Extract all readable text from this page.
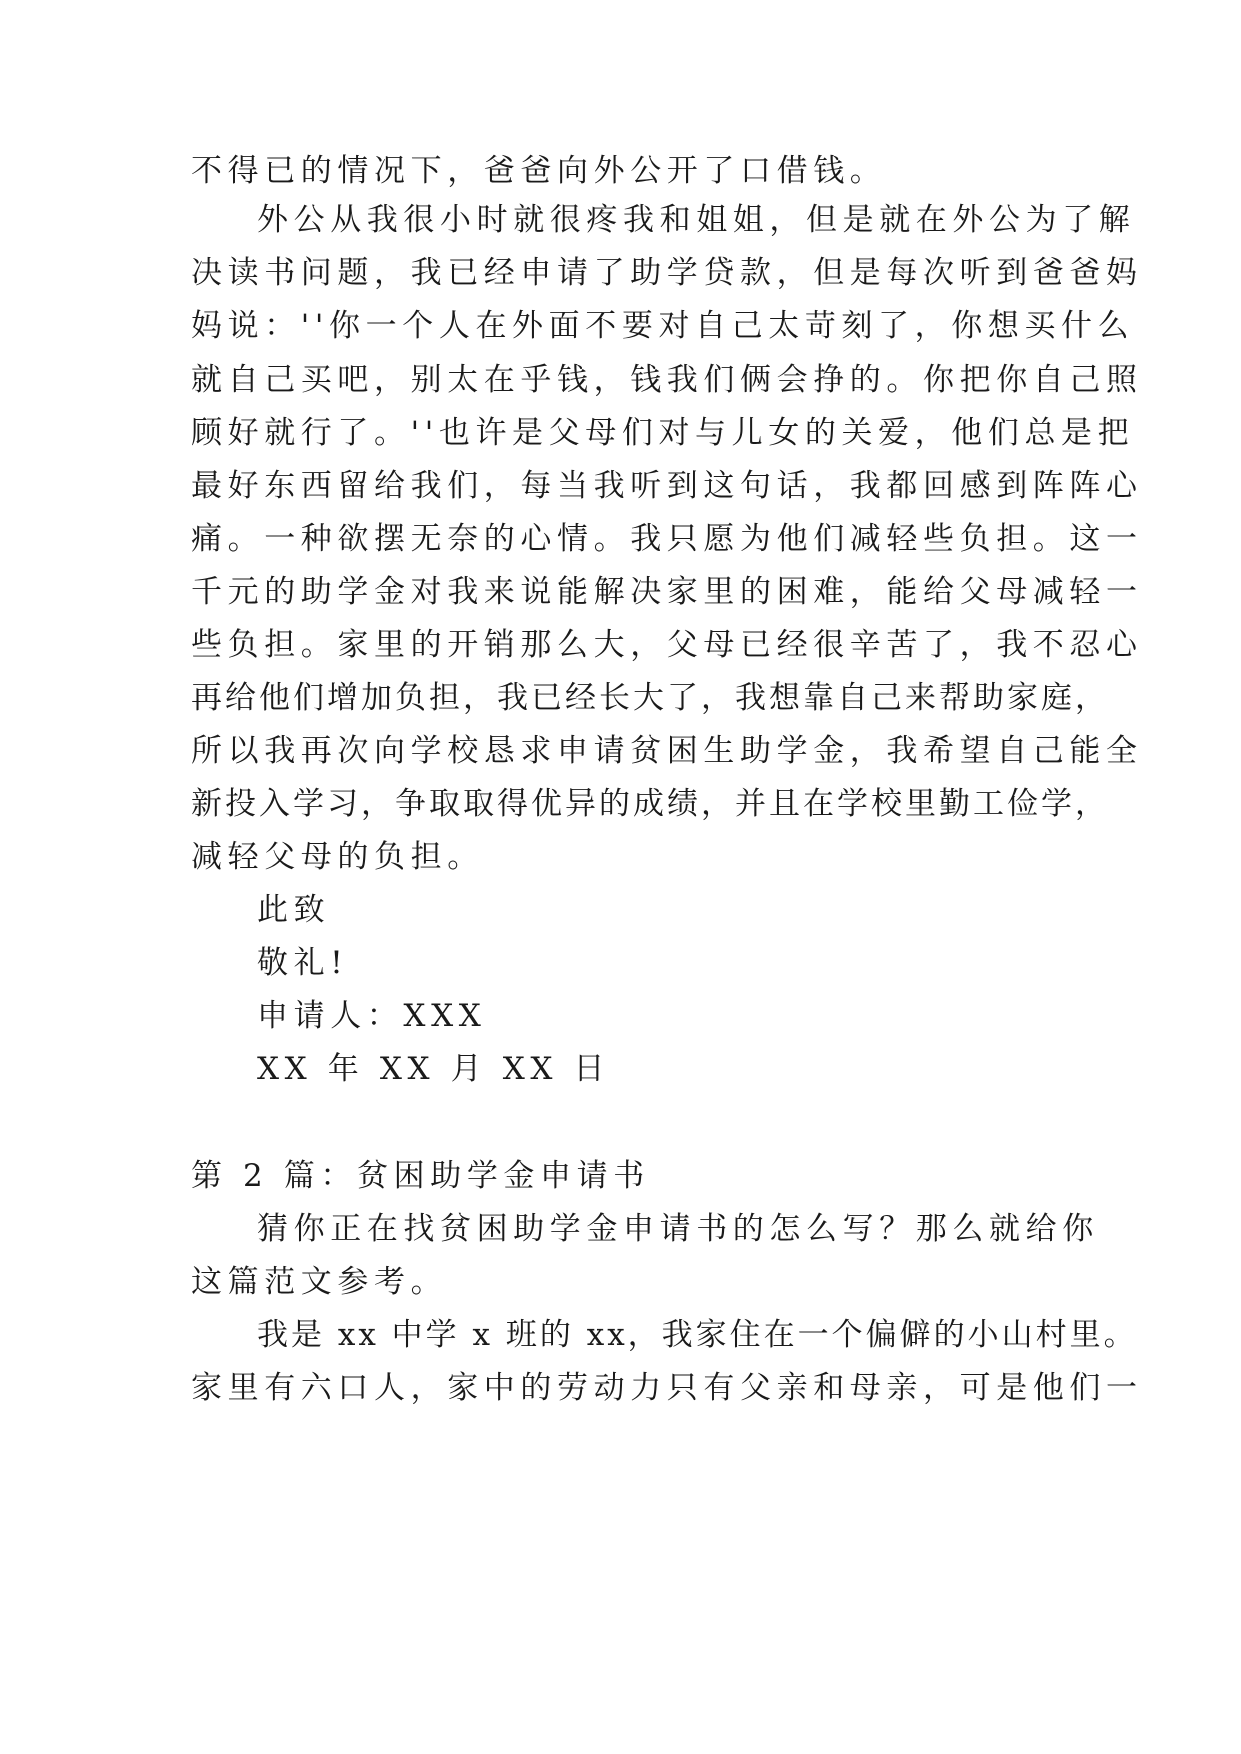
不得已的情况下，爸爸向外公开了口借钱。

外公从我很小时就很疼我和姐姐，但是就在外公为了解

决读书问题，我已经申请了助学贷款，但是每次听到爸爸妈

妈说：''你一个人在外面不要对自己太苛刻了，你想买什么

就自己买吧，别太在乎钱，钱我们俩会挣的。你把你自己照

顾好就行了。''也许是父母们对与儿女的关爱，他们总是把

最好东西留给我们，每当我听到这句话，我都回感到阵阵心

痛。一种欲摆无奈的心情。我只愿为他们减轻些负担。这一

千元的助学金对我来说能解决家里的困难，能给父母减轻一

些负担。家里的开销那么大，父母已经很辛苦了，我不忍心

再给他们增加负担，我已经长大了，我想靠自己来帮助家庭，

所以我再次向学校恳求申请贫困生助学金，我希望自己能全

新投入学习，争取取得优异的成绩，并且在学校里勤工俭学，

减轻父母的负担。

此致

敬礼!

申请人：XXX

XX 年 XX 月 XX 日

第 2 篇：贫困助学金申请书

猜你正在找贫困助学金申请书的怎么写？那么就给你

这篇范文参考。

我是 xx 中学 x 班的 xx，我家住在一个偏僻的小山村里。

家里有六口人，家中的劳动力只有父亲和母亲，可是他们一
